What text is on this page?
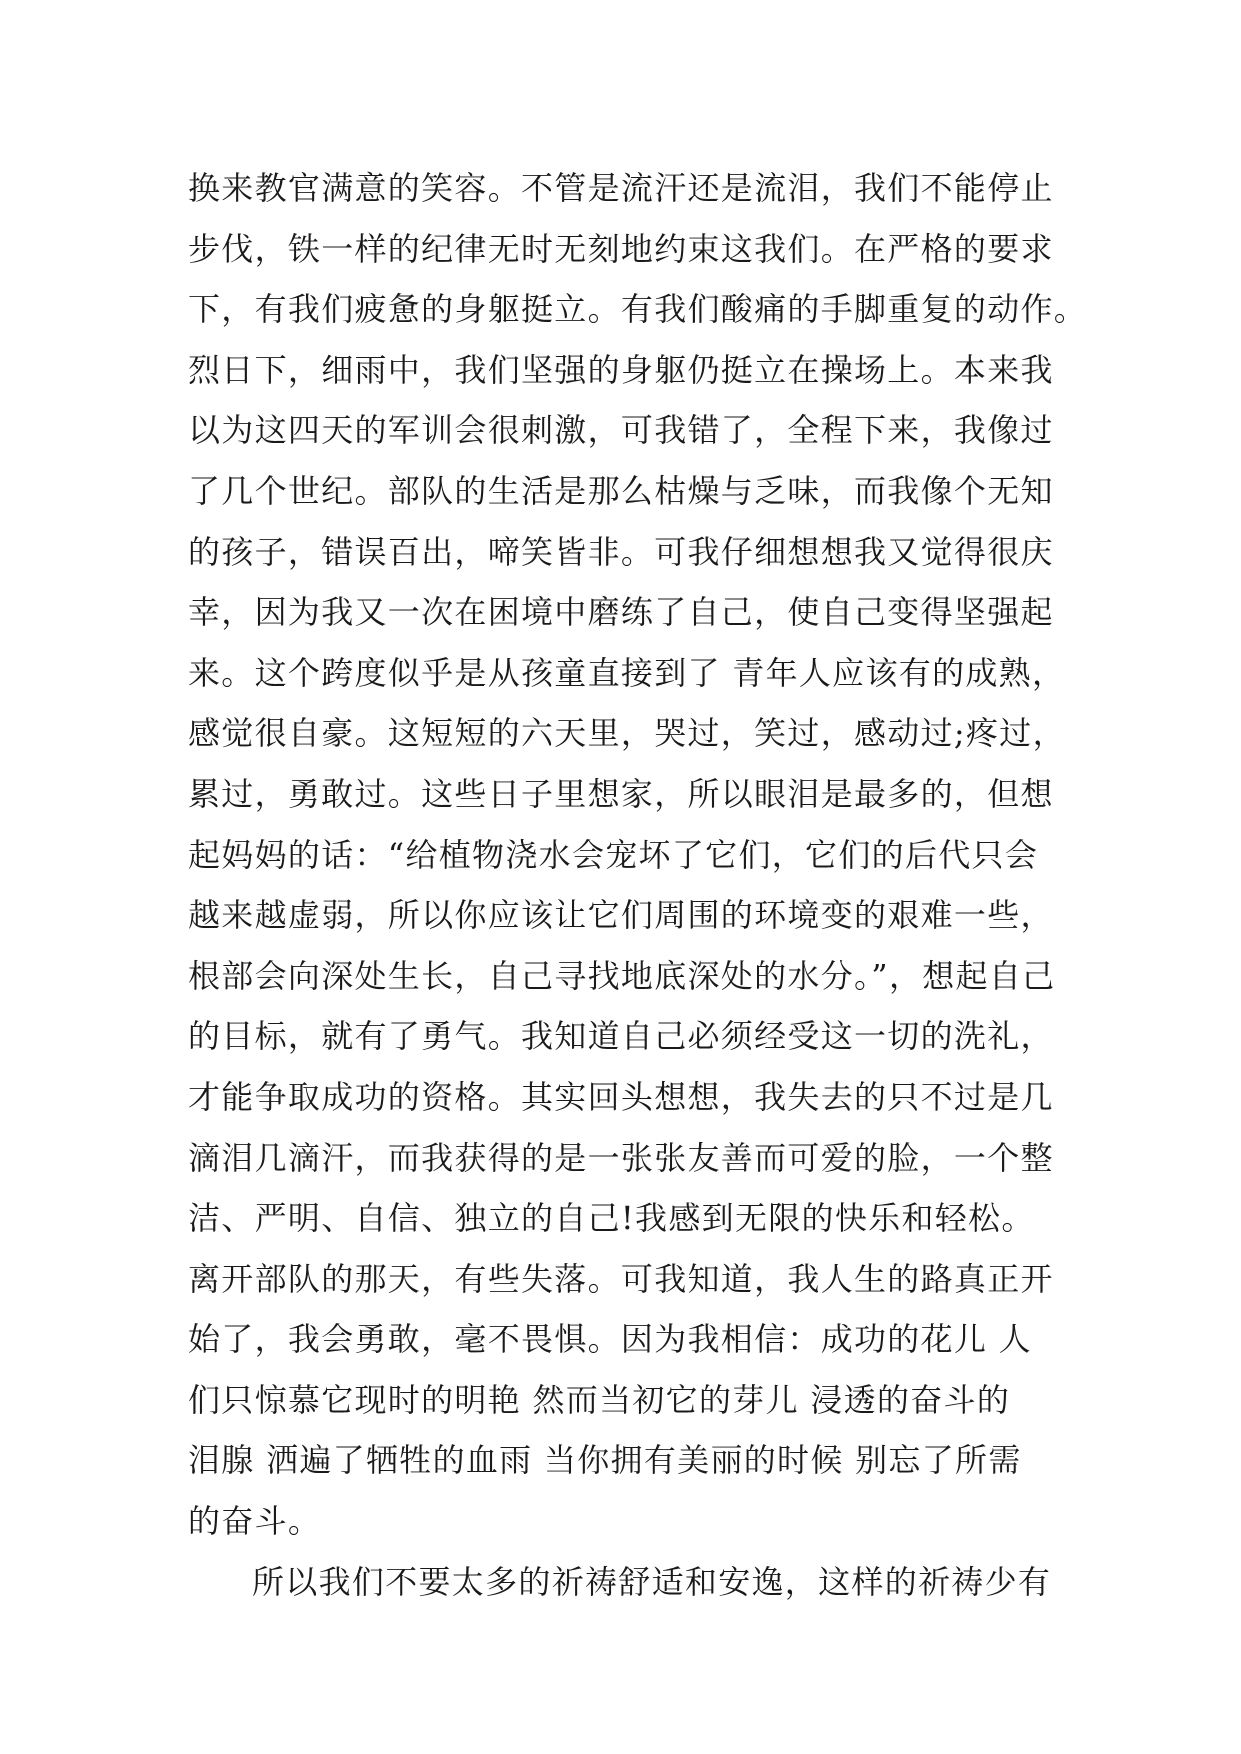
换来教官满意的笑容。不管是流汗还是流泪，我们不能停止
步伐，铁一样的纪律无时无刻地约束这我们。在严格的要求
下，有我们疲惫的身躯挺立。有我们酸痛的手脚重复的动作。
烈日下，细雨中，我们坚强的身躯仍挺立在操场上。本来我
以为这四天的军训会很刺激，可我错了，全程下来，我像过
了几个世纪。部队的生活是那么枯燥与乏味，而我像个无知
的孩子，错误百出，啼笑皆非。可我仔细想想我又觉得很庆
幸，因为我又一次在困境中磨练了自己，使自己变得坚强起
来。这个跨度似乎是从孩童直接到了 青年人应该有的成熟，
感觉很自豪。这短短的六天里，哭过，笑过，感动过;疼过，
累过，勇敢过。这些日子里想家，所以眼泪是最多的，但想
起妈妈的话：“给植物浇水会宠坏了它们，它们的后代只会
越来越虚弱，所以你应该让它们周围的环境变的艰难一些，
根部会向深处生长，自己寻找地底深处的水分。”，想起自己
的目标，就有了勇气。我知道自己必须经受这一切的洗礼，
才能争取成功的资格。其实回头想想，我失去的只不过是几
滴泪几滴汗，而我获得的是一张张友善而可爱的脸，一个整
洁、严明、自信、独立的自己!我感到无限的快乐和轻松。
离开部队的那天，有些失落。可我知道，我人生的路真正开
始了，我会勇敢，毫不畏惧。因为我相信：成功的花儿 人
们只惊慕它现时的明艳 然而当初它的芽儿 浸透的奋斗的
泪腺 洒遍了牺牲的血雨 当你拥有美丽的时候 别忘了所需
的奋斗。
所以我们不要太多的祈祷舒适和安逸，这样的祈祷少有
